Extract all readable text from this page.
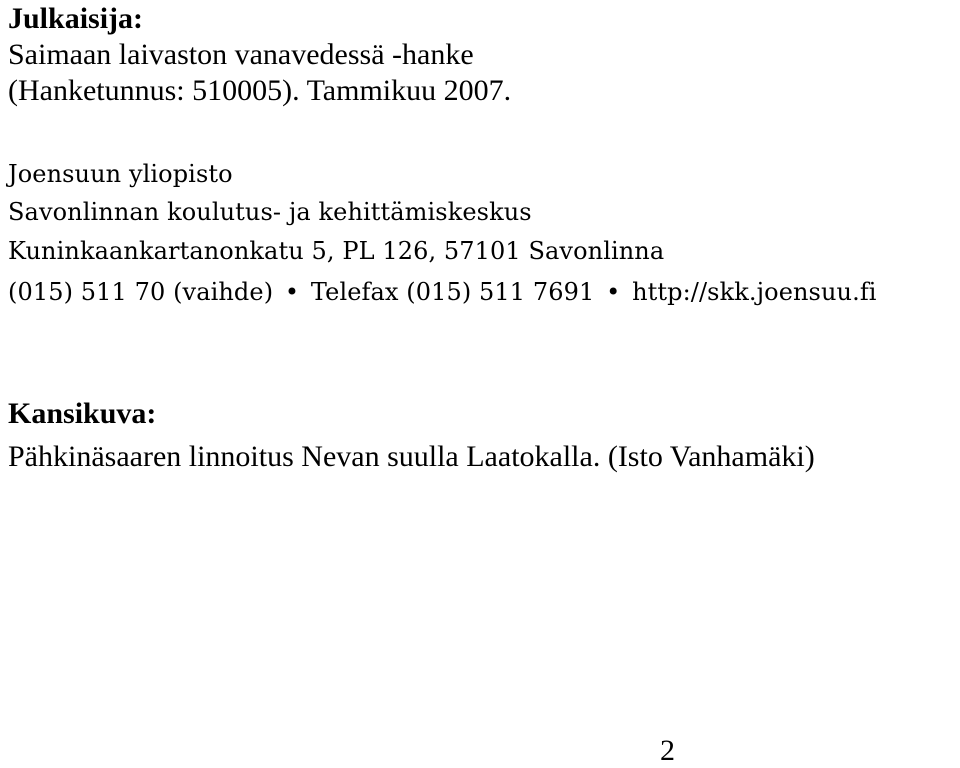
Julkaisija:
Saimaan laivaston vanavedessä -hanke
(Hanketunnus: 510005). Tammikuu 2007.
Joensuun yliopisto
Savonlinnan koulutus- ja kehittämiskeskus
Kuninkaankartanonkatu 5, PL 126, 57101 Savonlinna
(015) 511 70 (vaihde) • Telefax (015) 511 7691 • http://skk.joensuu.fi
Kansikuva:
Pähkinäsaaren linnoitus Nevan suulla Laatokalla. (Isto Vanhamäki)
2
